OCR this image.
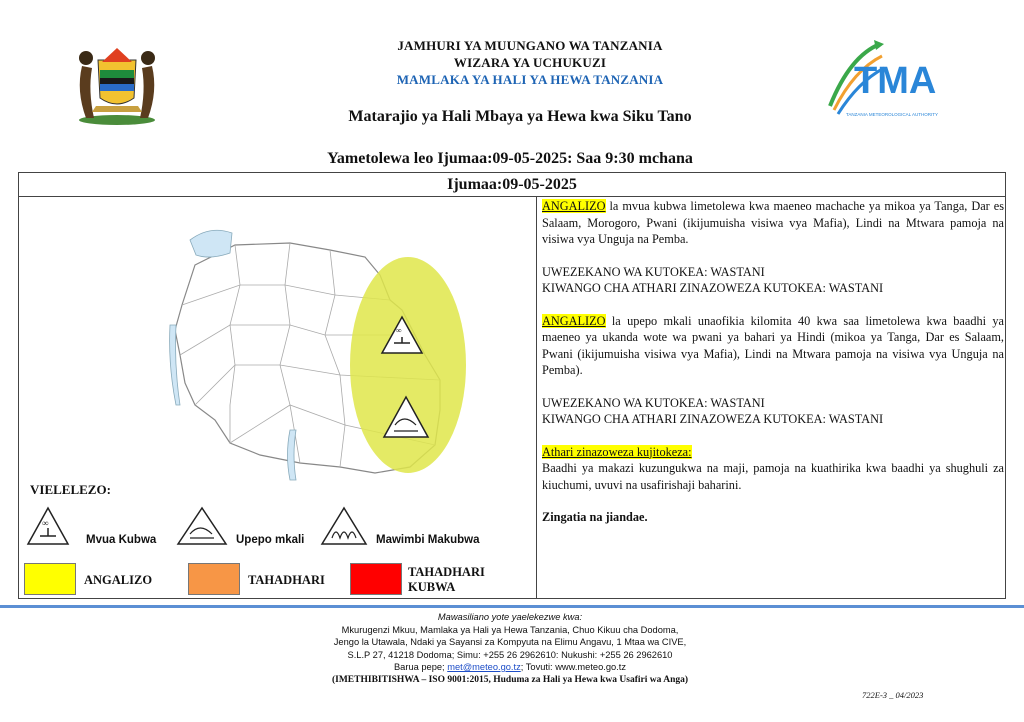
TMA
TANZANIA METEOROLOGICAL AUTHORITY
JAMHURI YA MUUNGANO WA TANZANIA
WIZARA YA UCHUKUZI
MAMLAKA YA HALI YA HEWA TANZANIA
Matarajio ya Hali Mbaya ya Hewa kwa Siku Tano
Yametolewa leo Ijumaa:09-05-2025: Saa 9:30 mchana
Ijumaa:09-05-2025
∞

ANGALIZO la mvua kubwa limetolewa kwa maeneo machache ya mikoa ya Tanga, Dar es Salaam, Morogoro, Pwani (ikijumuisha visiwa vya Mafia), Lindi na Mtwara pamoja na visiwa vya Unguja na Pemba.

UWEZEKANO WA KUTOKEA: WASTANI
KIWANGO CHA ATHARI ZINAZOWEZA KUTOKEA: WASTANI

ANGALIZO la upepo mkali unaofikia kilomita 40 kwa saa limetolewa kwa baadhi ya maeneo ya ukanda wote wa pwani ya bahari ya Hindi (mikoa ya Tanga, Dar es Salaam, Pwani (ikijumuisha visiwa vya Mafia), Lindi na Mtwara pamoja na visiwa vya Unguja na Pemba).

UWEZEKANO WA KUTOKEA: WASTANI
KIWANGO CHA ATHARI ZINAZOWEZA KUTOKEA: WASTANI

Athari zinazoweza kujitokeza:

Baadhi ya makazi kuzungukwa na maji, pamoja na kuathirika kwa baadhi ya shughuli za kiuchumi, uvuvi na usafirishaji baharini.

Zingatia na jiandae.

VIELELEZO:
∞
Mvua Kubwa	Upepo mkali	Mawimbi Makubwa
ANGALIZO	TAHADHARI
TAHADHARI KUBWA
Mawasiliano yote yaelekezwe kwa:
Mkurugenzi Mkuu, Mamlaka ya Hali ya Hewa Tanzania, Chuo Kikuu cha Dodoma,
Jengo la Utawala, Ndaki ya Sayansi za Kompyuta na Elimu Angavu, 1 Mtaa wa CIVE,
S.L.P 27, 41218 Dodoma; Simu: +255 26 2962610: Nukushi: +255 26 2962610
Barua pepe; met@meteo.go.tz; Tovuti: www.meteo.go.tz
(IMETHIBITISHWA – ISO 9001:2015, Huduma za Hali ya Hewa kwa Usafiri wa Anga)
722E-3 _ 04/2023
